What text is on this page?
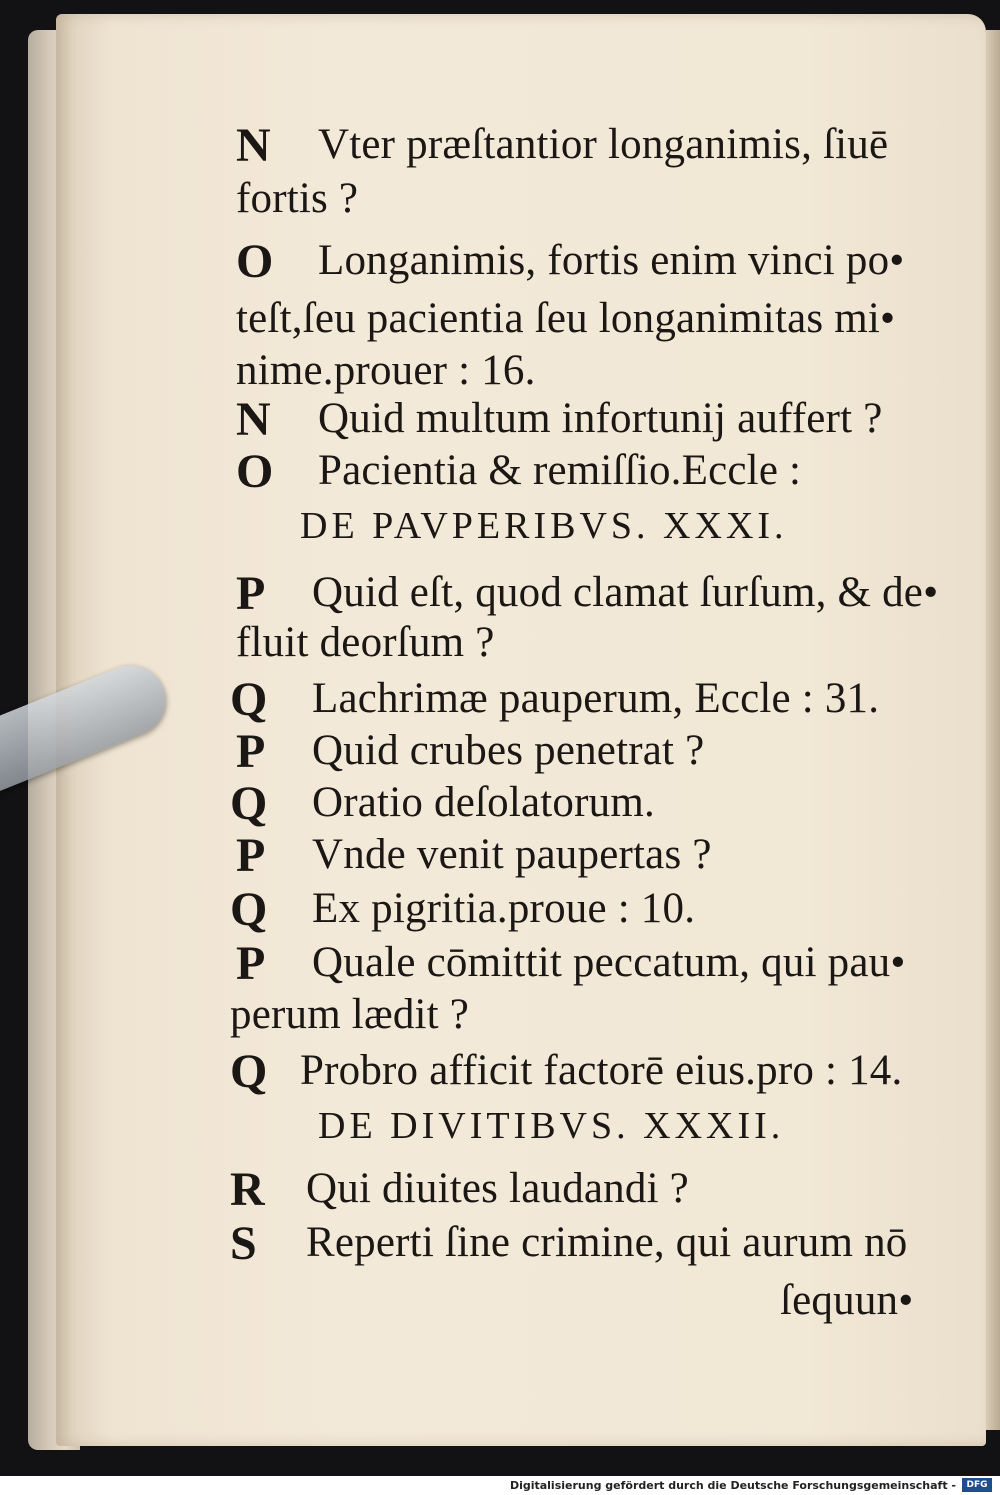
N Vter præſtantior longanimis, ſiuē
fortis ?
O Longanimis, fortis enim vinci po•
teſt,ſeu pacientia ſeu longanimitas mi•
nime.prouer : 16.
N Quid multum infortunij auffert ?
O Pacientia & remiſſio.Eccle :
DE PAVPERIBVS. XXXI.
P Quid eſt, quod clamat ſurſum, & de•
fluit deorſum ?
Q Lachrimæ pauperum, Eccle : 31.
P Quid crubes penetrat ?
Q Oratio deſolatorum.
P Vnde venit paupertas ?
Q Ex pigritia.proue : 10.
P Quale cōmittit peccatum, qui pau•
perum lædit ?
Q Probro afficit factorē eius.pro : 14.
DE DIVITIBVS. XXXII.
R Qui diuites laudandi ?
S Reperti ſine crimine, qui aurum nō
ſequun•
Digitalisierung gefördert durch die Deutsche Forschungsgemeinschaft -	DFG
